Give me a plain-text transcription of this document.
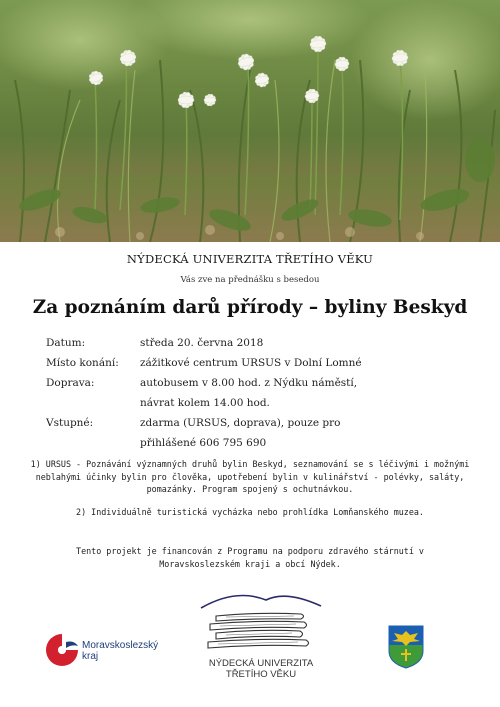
NÝDECKÁ UNIVERZITA TŘETÍHO VĚKU
Vás zve na přednášku s besedou
Za poznáním darů přírody – byliny Beskyd
Datum:	středa 20. června 2018
Místo konání:	zážitkové centrum URSUS v Dolní Lomné
Doprava:	autobusem v 8.00 hod. z Nýdku náměstí,
návrat kolem 14.00 hod.
Vstupné:	zdarma (URSUS, doprava), pouze pro
přihlášené 606 795 690

1) URSUS - Poznávání významných druhů bylin Beskyd, seznamování se s léčivými i možnými neblahými účinky bylin pro člověka, upotřebení bylin v kulinářství - polévky, saláty, pomazánky. Program spojený s ochutnávkou.

2) Individuálně turistická vycházka nebo prohlídka Lomňanského muzea.

Tento projekt je financován z Programu na podporu zdravého stárnutí v Moravskoslezském kraji a obcí Nýdek.
Moravskoslezský
kraj
NÝDECKÁ UNIVERZITA
TŘETÍHO VĚKU
